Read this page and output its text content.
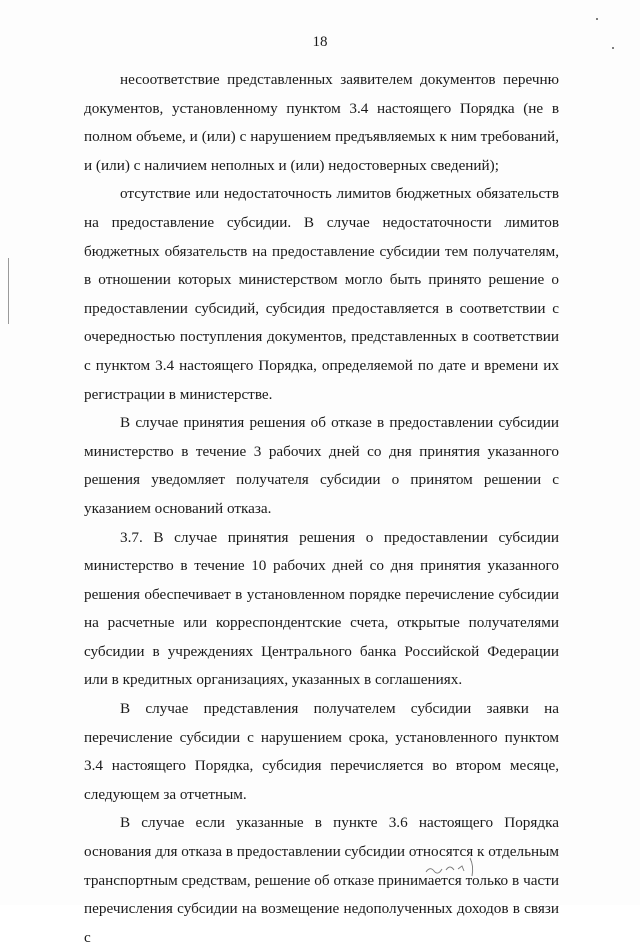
18

несоответствие представленных заявителем документов перечню документов, установленному пунктом 3.4 настоящего Порядка (не в полном объеме, и (или) с нарушением предъявляемых к ним требований, и (или) с наличием неполных и (или) недостоверных сведений);

отсутствие или недостаточность лимитов бюджетных обязательств на предоставление субсидии. В случае недостаточности лимитов бюджетных обязательств на предоставление субсидии тем получателям, в отношении которых министерством могло быть принято решение о предоставлении субсидий, субсидия предоставляется в соответствии с очередностью поступления документов, представленных в соответствии с пунктом 3.4 настоящего Порядка, определяемой по дате и времени их регистрации в министерстве.

В случае принятия решения об отказе в предоставлении субсидии министерство в течение 3 рабочих дней со дня принятия указанного решения уведомляет получателя субсидии о принятом решении с указанием оснований отказа.

3.7. В случае принятия решения о предоставлении субсидии министерство в течение 10 рабочих дней со дня принятия указанного решения обеспечивает в установленном порядке перечисление субсидии на расчетные или корреспондентские счета, открытые получателями субсидии в учреждениях Центрального банка Российской Федерации или в кредитных организациях, указанных в соглашениях.

В случае представления получателем субсидии заявки на перечисление субсидии с нарушением срока, установленного пунктом 3.4 настоящего Порядка, субсидия перечисляется во втором месяце, следующем за отчетным.

В случае если указанные в пункте 3.6 настоящего Порядка основания для отказа в предоставлении субсидии относятся к отдельным транспортным средствам, решение об отказе принимается только в части перечисления субсидии на возмещение недополученных доходов в связи с
